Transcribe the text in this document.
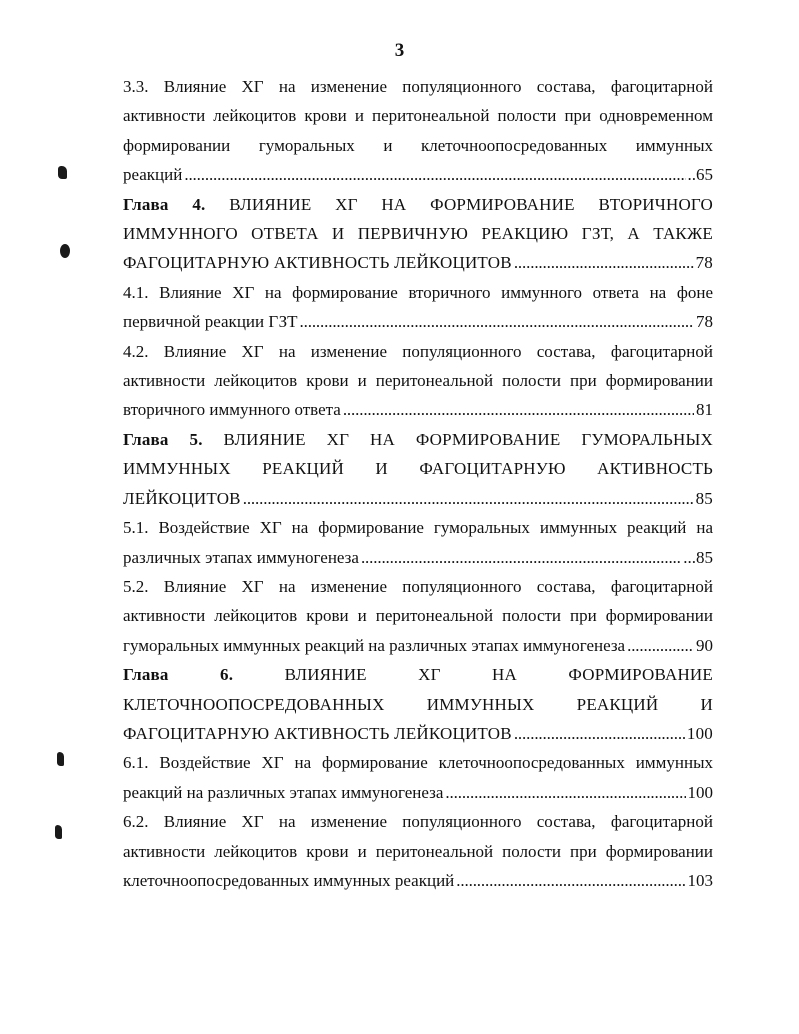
3
3.3. Влияние ХГ на изменение популяционного состава, фагоцитарной
активности лейкоцитов крови и перитонеальной полости при одновременном
формировании гуморальных и клеточноопосредованных иммунных
реакций . . .	..65
Глава 4. ВЛИЯНИЕ ХГ НА ФОРМИРОВАНИЕ ВТОРИЧНОГО
ИММУННОГО ОТВЕТА И ПЕРВИЧНУЮ РЕАКЦИЮ ГЗТ, А ТАКЖЕ
ФАГОЦИТАРНУЮ АКТИВНОСТЬ ЛЕЙКОЦИТОВ . . .	78
4.1. Влияние ХГ на формирование вторичного иммунного ответа на фоне
первичной реакции ГЗТ . . .	78
4.2. Влияние ХГ на изменение популяционного состава, фагоцитарной
активности лейкоцитов крови и перитонеальной полости при формировании
вторичного иммунного ответа . . .	81
Глава 5. ВЛИЯНИЕ ХГ НА ФОРМИРОВАНИЕ ГУМОРАЛЬНЫХ
ИММУННЫХ РЕАКЦИЙ И ФАГОЦИТАРНУЮ АКТИВНОСТЬ
ЛЕЙКОЦИТОВ . . .	85
5.1. Воздействие ХГ на формирование гуморальных иммунных реакций на
различных этапах иммуногенеза . . .	...85
5.2. Влияние ХГ на изменение популяционного состава, фагоцитарной
активности лейкоцитов крови и перитонеальной полости при формировании
гуморальных иммунных реакций на различных этапах иммуногенеза . . .	90
Глава 6.	ВЛИЯНИЕ ХГ НА ФОРМИРОВАНИЕ
КЛЕТОЧНООПОСРЕДОВАННЫХ ИММУННЫХ РЕАКЦИЙ И
ФАГОЦИТАРНУЮ АКТИВНОСТЬ ЛЕЙКОЦИТОВ . . .	100
6.1. Воздействие ХГ на формирование клеточноопосредованных иммунных
реакций на различных этапах иммуногенеза . . .	100
6.2. Влияние ХГ на изменение популяционного состава, фагоцитарной
активности лейкоцитов крови и перитонеальной полости при формировании
клеточноопосредованных иммунных реакций . . .	103
